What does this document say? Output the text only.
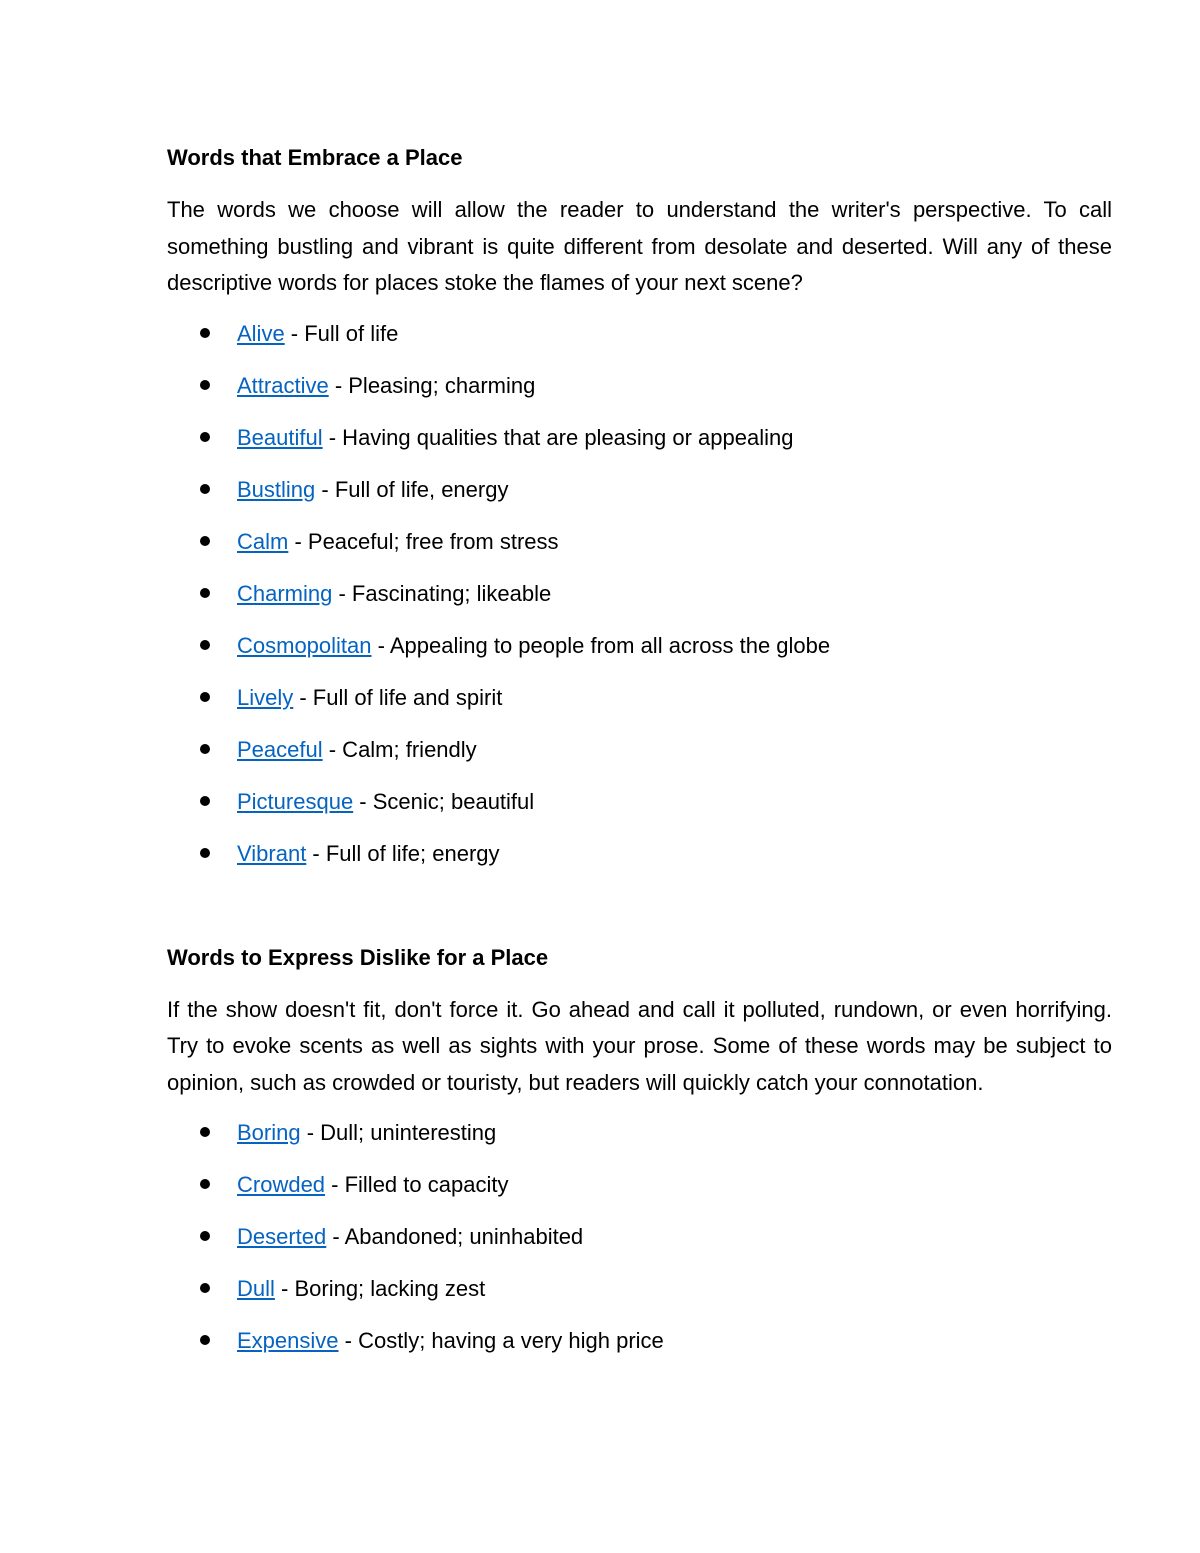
Words that Embrace a Place

The words we choose will allow the reader to understand the writer's perspective. To call something bustling and vibrant is quite different from desolate and deserted. Will any of these descriptive words for places stoke the flames of your next scene?

Alive - Full of life
Attractive - Pleasing; charming
Beautiful - Having qualities that are pleasing or appealing
Bustling - Full of life, energy
Calm - Peaceful; free from stress
Charming - Fascinating; likeable
Cosmopolitan - Appealing to people from all across the globe
Lively - Full of life and spirit
Peaceful - Calm; friendly
Picturesque - Scenic; beautiful
Vibrant - Full of life; energy
Words to Express Dislike for a Place

If the show doesn't fit, don't force it. Go ahead and call it polluted, rundown, or even horrifying. Try to evoke scents as well as sights with your prose. Some of these words may be subject to opinion, such as crowded or touristy, but readers will quickly catch your connotation.

Boring - Dull; uninteresting
Crowded - Filled to capacity
Deserted - Abandoned; uninhabited
Dull - Boring; lacking zest
Expensive - Costly; having a very high price
